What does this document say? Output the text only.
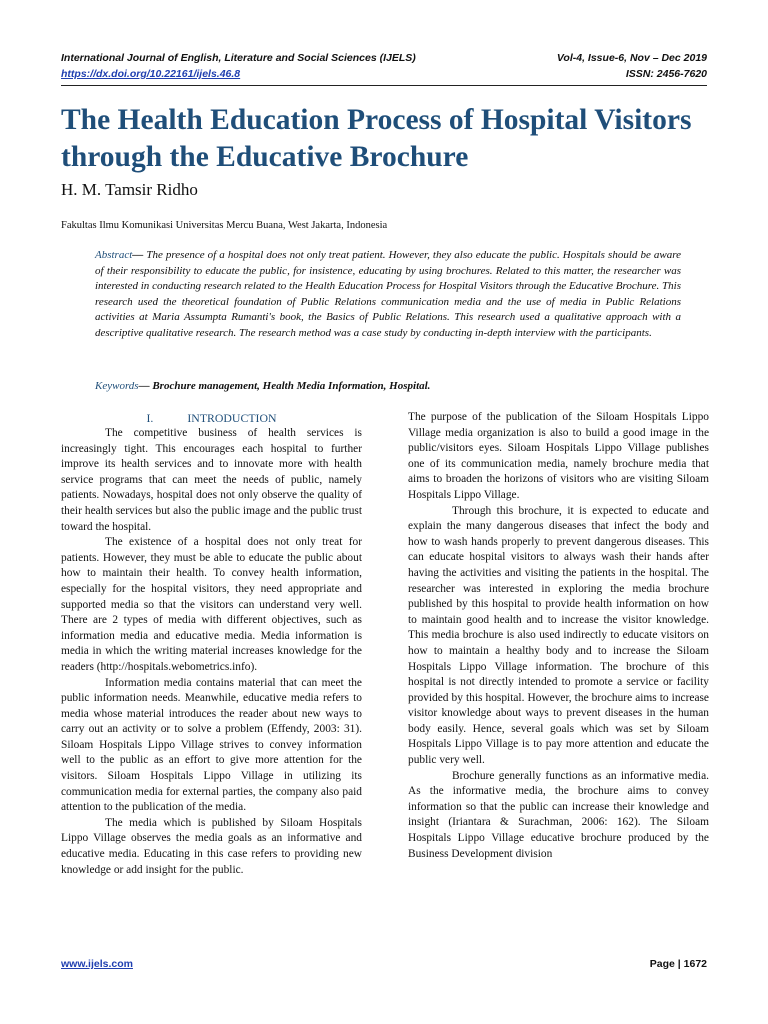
International Journal of English, Literature and Social Sciences (IJELS)	Vol-4, Issue-6, Nov – Dec 2019
https://dx.doi.org/10.22161/ijels.46.8	ISSN: 2456-7620
The Health Education Process of Hospital Visitors through the Educative Brochure
H. M. Tamsir Ridho
Fakultas Ilmu Komunikasi Universitas Mercu Buana, West Jakarta, Indonesia

Abstract— The presence of a hospital does not only treat patient. However, they also educate the public. Hospitals should be aware of their responsibility to educate the public, for insistence, educating by using brochures. Related to this matter, the researcher was interested in conducting research related to the Health Education Process for Hospital Visitors through the Educative Brochure. This research used the theoretical foundation of Public Relations communication media and the use of media in Public Relations activities at Maria Assumpta Rumanti's book, the Basics of Public Relations. This research used a qualitative approach with a descriptive qualitative research. The research method was a case study by conducting in-depth interview with the participants.

Keywords— Brochure management, Health Media Information, Hospital.
I.	INTRODUCTION

The competitive business of health services is increasingly tight. This encourages each hospital to further improve its health services and to innovate more with health service programs that can meet the needs of public, namely patients. Nowadays, hospital does not only observe the quality of their health services but also the public image and the public trust toward the hospital.

The existence of a hospital does not only treat for patients. However, they must be able to educate the public about how to maintain their health. To convey health information, especially for the hospital visitors, they need appropriate and supported media so that the visitors can understand very well. There are 2 types of media with different objectives, such as information media and educative media. Media information is media in which the writing material increases knowledge for the readers (http://hospitals.webometrics.info).

Information media contains material that can meet the public information needs. Meanwhile, educative media refers to media whose material introduces the reader about new ways to carry out an activity or to solve a problem (Effendy, 2003: 31). Siloam Hospitals Lippo Village strives to convey information well to the public as an effort to give more attention for the visitors. Siloam Hospitals Lippo Village in utilizing its communication media for external parties, the company also paid attention to the publication of the media.

The media which is published by Siloam Hospitals Lippo Village observes the media goals as an informative and educative media. Educating in this case refers to providing new knowledge or add insight for the public.

The purpose of the publication of the Siloam Hospitals Lippo Village media organization is also to build a good image in the public/visitors eyes. Siloam Hospitals Lippo Village publishes one of its communication media, namely brochure media that aims to broaden the horizons of visitors who are visiting Siloam Hospitals Lippo Village.

Through this brochure, it is expected to educate and explain the many dangerous diseases that infect the body and how to wash hands properly to prevent dangerous diseases. This can educate hospital visitors to always wash their hands after having the activities and visiting the patients in the hospital. The researcher was interested in exploring the media brochure published by this hospital to provide health information on how to maintain good health and to increase the visitor knowledge. This media brochure is also used indirectly to educate visitors on how to maintain a healthy body and to increase the Siloam Hospitals Lippo Village information. The brochure of this hospital is not directly intended to promote a service or facility provided by this hospital. However, the brochure aims to increase visitor knowledge about ways to prevent diseases in the human body easily. Hence, several goals which was set by Siloam Hospitals Lippo Village is to pay more attention and educate the public very well.

Brochure generally functions as an informative media. As the informative media, the brochure aims to convey information so that the public can increase their knowledge and insight (Iriantara & Surachman, 2006: 162). The Siloam Hospitals Lippo Village educative brochure produced by the Business Development division

www.ijels.com	Page | 1672
